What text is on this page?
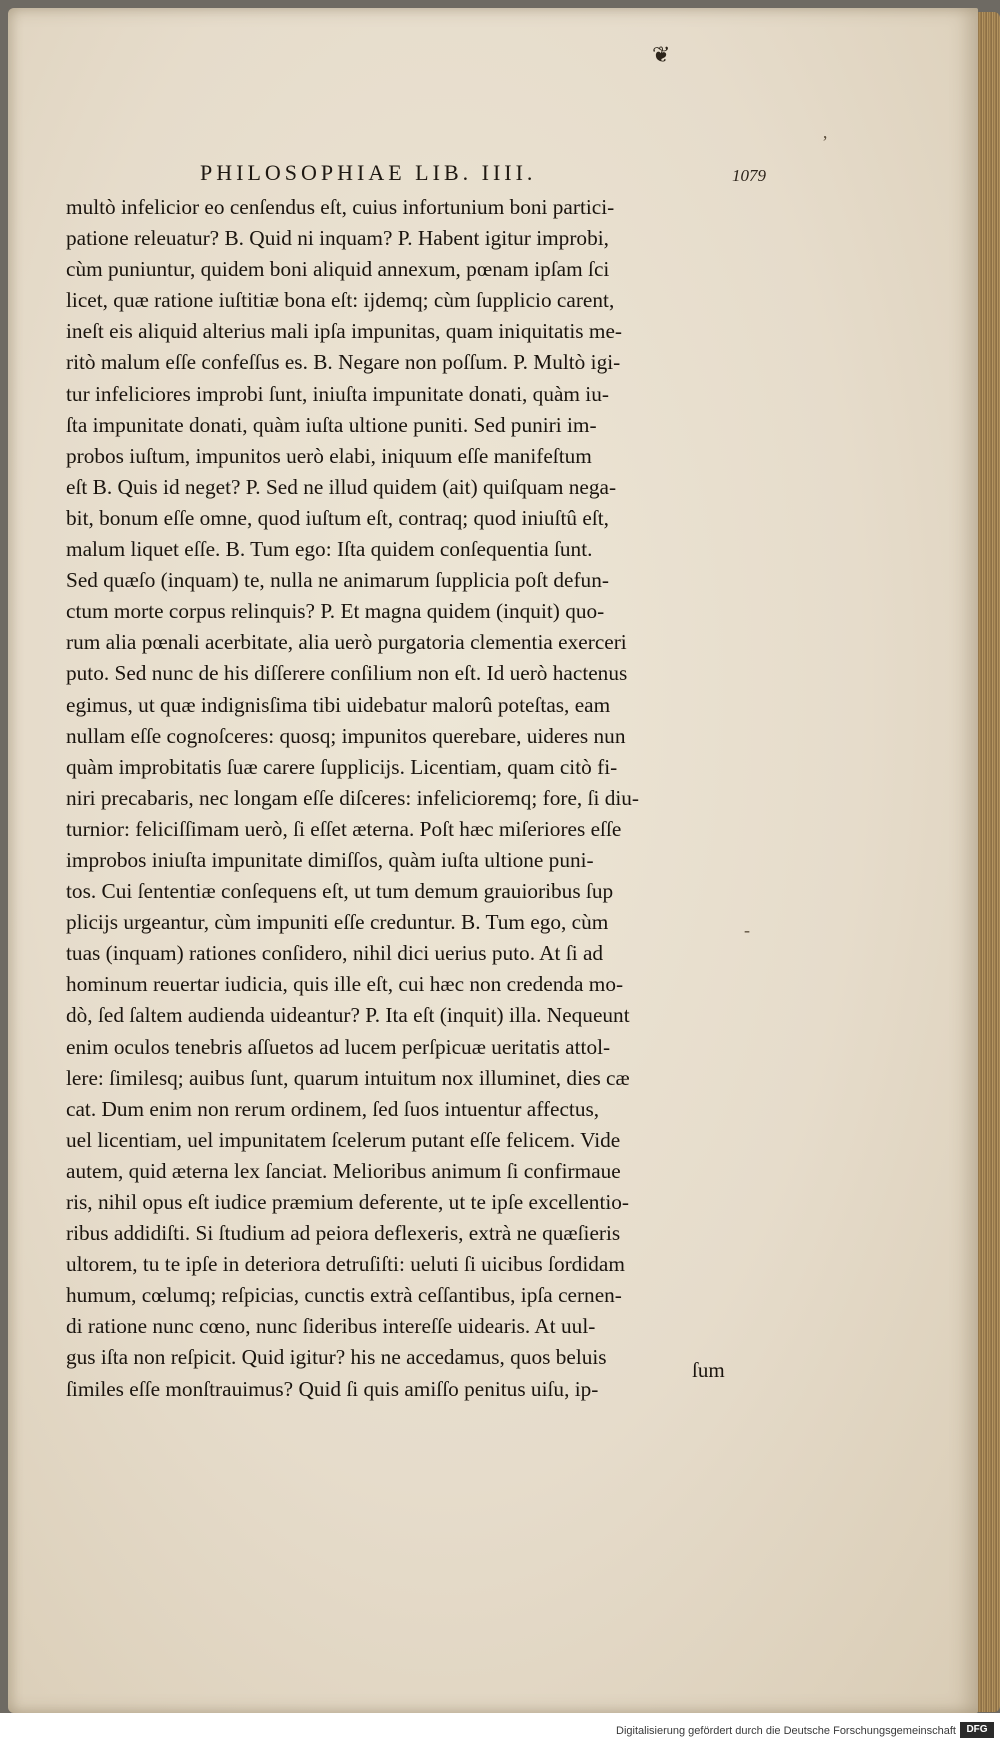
❦
PHILOSOPHIAE LIB. IIII.	1079
multò infelicior eo cenſendus eſt, cuius infortunium boni partici-
patione releuatur? B. Quid ni inquam? P. Habent igitur improbi,
cùm puniuntur, quidem boni aliquid annexum, pœnam ipſam ſci
licet, quæ ratione iuſtitiæ bona eſt: ijdemq; cùm ſupplicio carent,
ineſt eis aliquid alterius mali ipſa impunitas, quam iniquitatis me-
ritò malum eſſe confeſſus es. B. Negare non poſſum. P. Multò igi-
tur infeliciores improbi ſunt, iniuſta impunitate donati, quàm iu-
ſta impunitate donati, quàm iuſta ultione puniti. Sed puniri im-
probos iuſtum, impunitos uerò elabi, iniquum eſſe manifeſtum
eſt B. Quis id neget? P. Sed ne illud quidem (ait) quiſquam nega-
bit, bonum eſſe omne, quod iuſtum eſt, contraq; quod iniuſtû eſt,
malum liquet eſſe. B. Tum ego: Iſta quidem conſequentia ſunt.
Sed quæſo (inquam) te, nulla ne animarum ſupplicia poſt defun-
ctum morte corpus relinquis? P. Et magna quidem (inquit) quo-
rum alia pœnali acerbitate, alia uerò purgatoria clementia exerceri
puto. Sed nunc de his diſſerere conſilium non eſt. Id uerò hactenus
egimus, ut quæ indignisſima tibi uidebatur malorû poteſtas, eam
nullam eſſe cognoſceres: quosq; impunitos querebare, uideres nun
quàm improbitatis ſuæ carere ſupplicijs. Licentiam, quam citò fi-
niri precabaris, nec longam eſſe diſceres: infelicioremq; fore, ſi diu-
turnior: feliciſſimam uerò, ſi eſſet æterna. Poſt hæc miſeriores eſſe
improbos iniuſta impunitate dimiſſos, quàm iuſta ultione puni-
tos. Cui ſententiæ conſequens eſt, ut tum demum grauioribus ſup
plicijs urgeantur, cùm impuniti eſſe creduntur. B. Tum ego, cùm
tuas (inquam) rationes conſidero, nihil dici uerius puto. At ſi ad
hominum reuertar iudicia, quis ille eſt, cui hæc non credenda mo-
dò, ſed ſaltem audienda uideantur? P. Ita eſt (inquit) illa. Nequeunt
enim oculos tenebris aſſuetos ad lucem perſpicuæ ueritatis attol-
lere: ſimilesq; auibus ſunt, quarum intuitum nox illuminet, dies cæ
cat. Dum enim non rerum ordinem, ſed ſuos intuentur affectus,
uel licentiam, uel impunitatem ſcelerum putant eſſe felicem. Vide
autem, quid æterna lex ſanciat. Melioribus animum ſi confirmaue
ris, nihil opus eſt iudice præmium deferente, ut te ipſe excellentio-
ribus addidiſti. Si ſtudium ad peiora deflexeris, extrà ne quæſieris
ultorem, tu te ipſe in deteriora detruſiſti: ueluti ſi uicibus ſordidam
humum, cœlumq; reſpicias, cunctis extrà ceſſantibus, ipſa cernen-
di ratione nunc cœno, nunc ſideribus intereſſe uidearis. At uul-
gus iſta non reſpicit. Quid igitur? his ne accedamus, quos beluis
ſimiles eſſe monſtrauimus? Quid ſi quis amiſſo penitus uiſu, ip-
ſum
ʼ
-
Digitalisierung gefördert durch die Deutsche Forschungsgemeinschaft	DFG
